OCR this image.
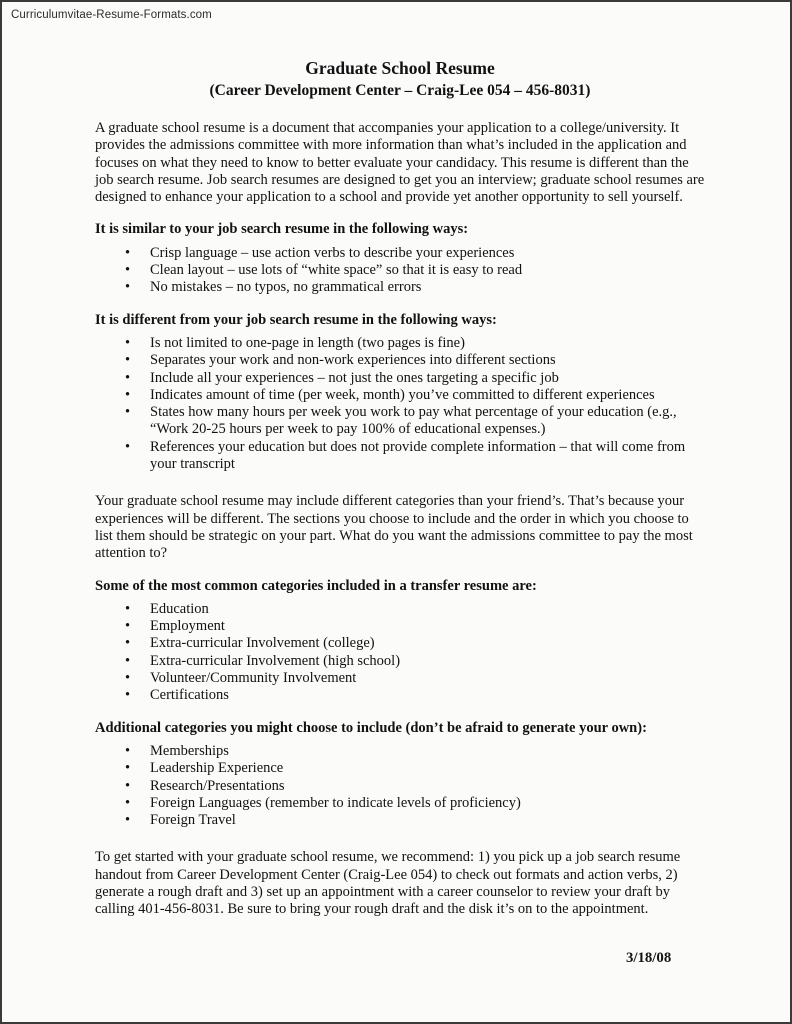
Curriculumvitae-Resume-Formats.com
Graduate School Resume
(Career Development Center – Craig-Lee 054 – 456-8031)

A graduate school resume is a document that accompanies your application to a college/university. It provides the admissions committee with more information than what’s included in the application and focuses on what they need to know to better evaluate your candidacy. This resume is different than the job search resume. Job search resumes are designed to get you an interview; graduate school resumes are designed to enhance your application to a school and provide yet another opportunity to sell yourself.

It is similar to your job search resume in the following ways:
• Crisp language – use action verbs to describe your experiences
• Clean layout – use lots of “white space” so that it is easy to read
• No mistakes – no typos, no grammatical errors
It is different from your job search resume in the following ways:
• Is not limited to one-page in length (two pages is fine)
• Separates your work and non-work experiences into different sections
• Include all your experiences – not just the ones targeting a specific job
• Indicates amount of time (per week, month) you’ve committed to different experiences
• States how many hours per week you work to pay what percentage of your education (e.g., “Work 20-25 hours per week to pay 100% of educational expenses.)
• References your education but does not provide complete information – that will come from your transcript

Your graduate school resume may include different categories than your friend’s. That’s because your experiences will be different. The sections you choose to include and the order in which you choose to list them should be strategic on your part. What do you want the admissions committee to pay the most attention to?

Some of the most common categories included in a transfer resume are:
• Education
• Employment
• Extra-curricular Involvement (college)
• Extra-curricular Involvement (high school)
• Volunteer/Community Involvement
• Certifications
Additional categories you might choose to include (don’t be afraid to generate your own):
• Memberships
• Leadership Experience
• Research/Presentations
• Foreign Languages (remember to indicate levels of proficiency)
• Foreign Travel

To get started with your graduate school resume, we recommend: 1) you pick up a job search resume handout from Career Development Center (Craig-Lee 054) to check out formats and action verbs, 2) generate a rough draft and 3) set up an appointment with a career counselor to review your draft by calling 401-456-8031. Be sure to bring your rough draft and the disk it’s on to the appointment.

3/18/08
